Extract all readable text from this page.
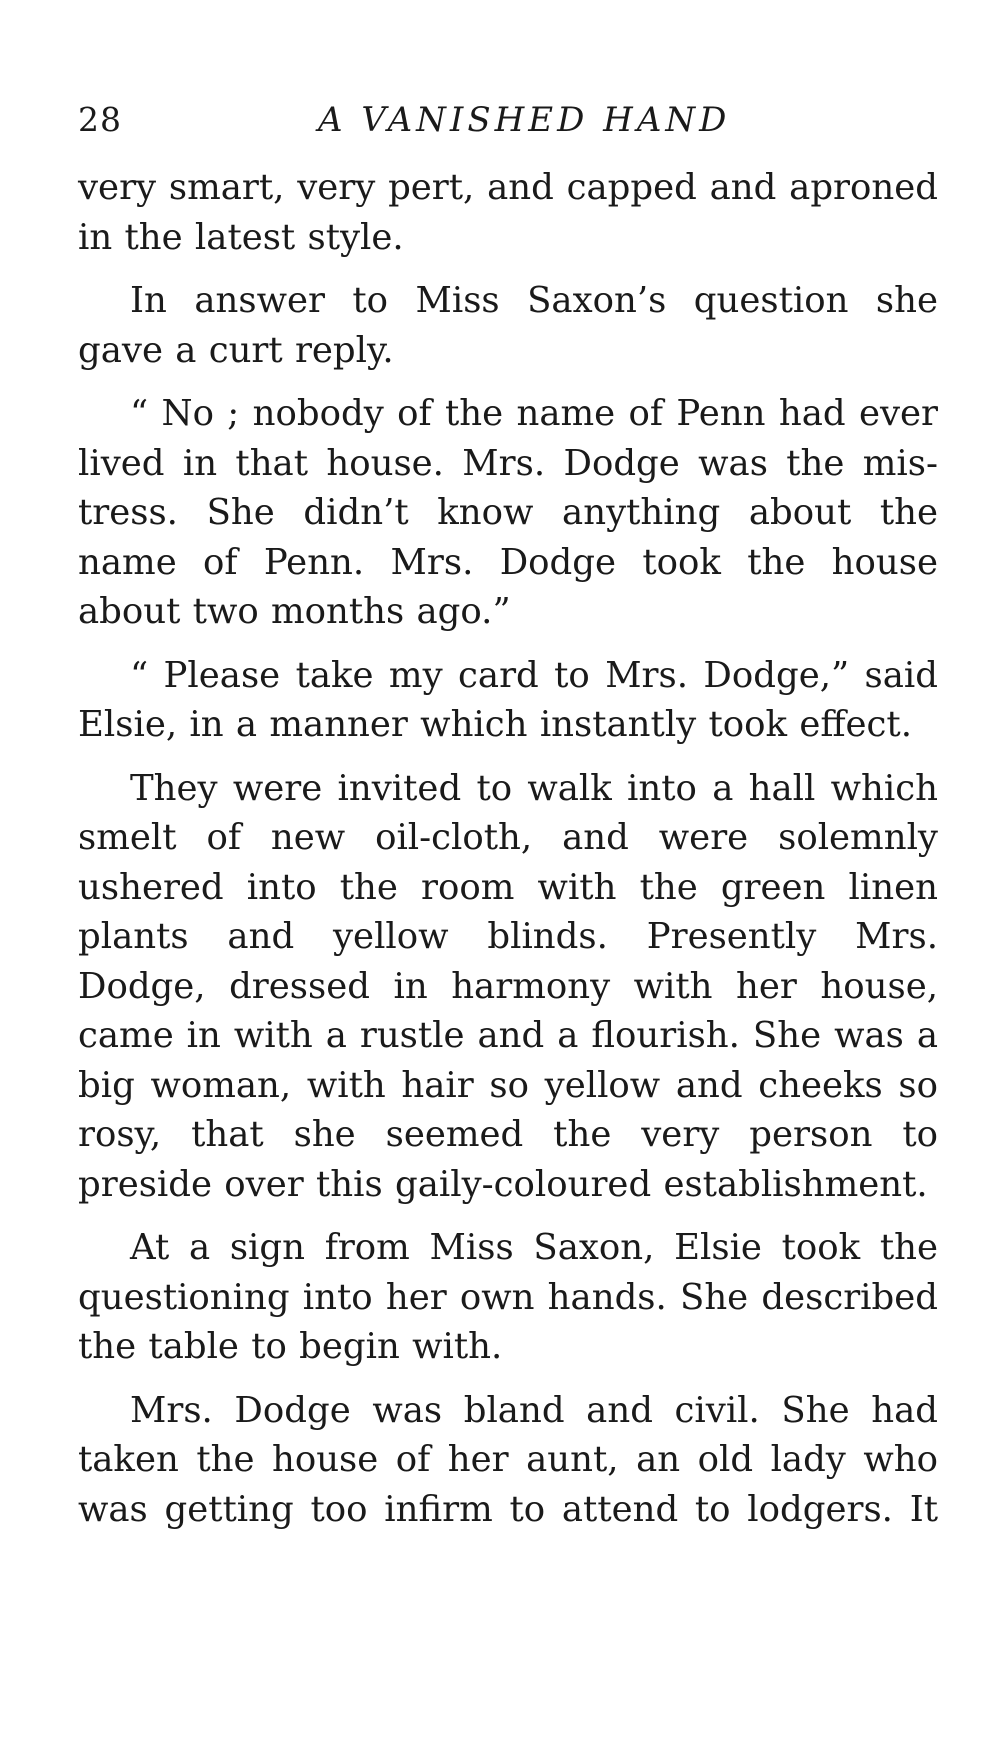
28	A VANISHED HAND

very smart, very pert, and capped and aproned in the latest style.

In answer to Miss Saxon’s question she gave a curt reply.

“ No ; nobody of the name of Penn had ever lived in that house. Mrs. Dodge was the mis-tress. She didn’t know anything about the name of Penn. Mrs. Dodge took the house about two months ago.”

“ Please take my card to Mrs. Dodge,” said Elsie, in a manner which instantly took effect.

They were invited to walk into a hall which smelt of new oil-cloth, and were solemnly ushered into the room with the green linen plants and yellow blinds. Presently Mrs. Dodge, dressed in harmony with her house, came in with a rustle and a flourish. She was a big woman, with hair so yellow and cheeks so rosy, that she seemed the very person to preside over this gaily-coloured establishment.

At a sign from Miss Saxon, Elsie took the questioning into her own hands. She described the table to begin with.

Mrs. Dodge was bland and civil. She had taken the house of her aunt, an old lady who was getting too infirm to attend to lodgers. It
